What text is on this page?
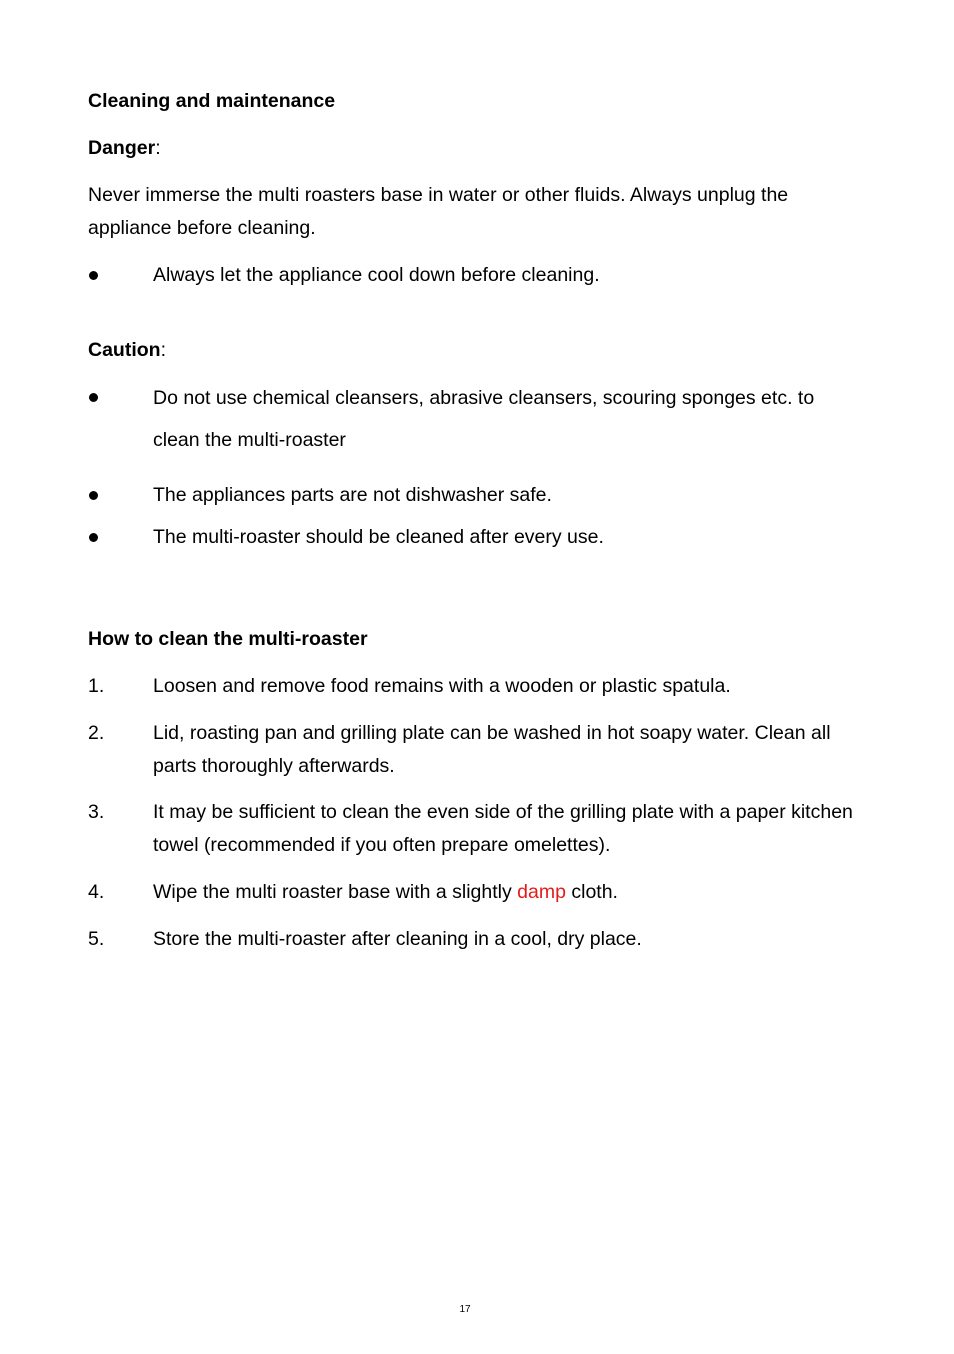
Cleaning and maintenance
Danger:
Never immerse the multi roasters base in water or other fluids. Always unplug the appliance before cleaning.
Always let the appliance cool down before cleaning.
Caution:
Do not use chemical cleansers, abrasive cleansers, scouring sponges etc. to clean the multi-roaster
The appliances parts are not dishwasher safe.
The multi-roaster should be cleaned after every use.
How to clean the multi-roaster
1.	Loosen and remove food remains with a wooden or plastic spatula.
2.	Lid, roasting pan and grilling plate can be washed in hot soapy water. Clean all parts thoroughly afterwards.
3.	It may be sufficient to clean the even side of the grilling plate with a paper kitchen towel (recommended if you often prepare omelettes).
4.	Wipe the multi roaster base with a slightly damp cloth.
5.	Store the multi-roaster after cleaning in a cool, dry place.
17
